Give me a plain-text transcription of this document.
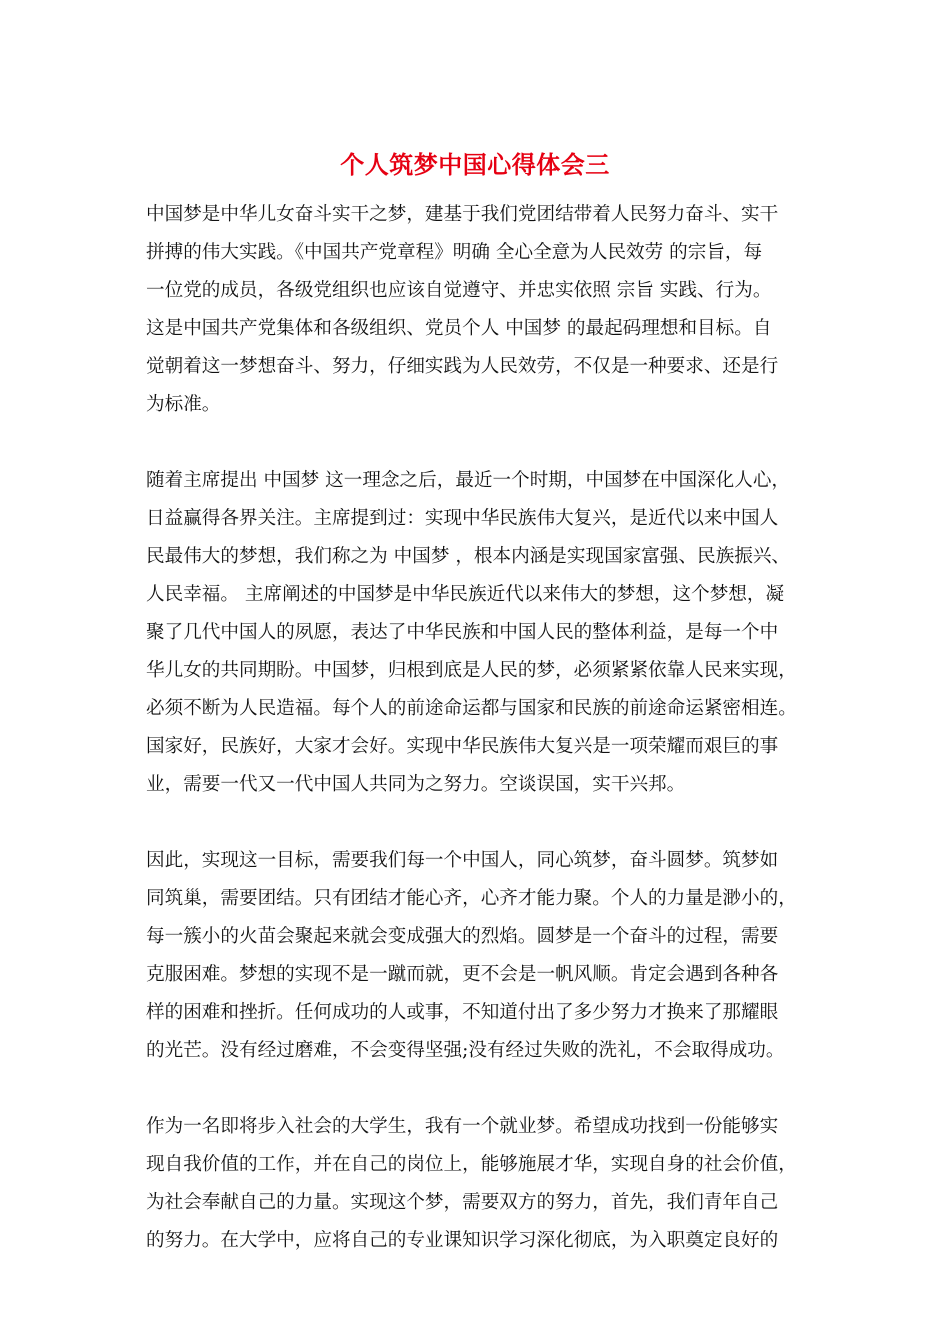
个人筑梦中国心得体会三
中国梦是中华儿女奋斗实干之梦，建基于我们党团结带着人民努力奋斗、实干
拼搏的伟大实践。《中国共产党章程》明确 全心全意为人民效劳 的宗旨，每
一位党的成员，各级党组织也应该自觉遵守、并忠实依照 宗旨 实践、行为。
这是中国共产党集体和各级组织、党员个人 中国梦 的最起码理想和目标。自
觉朝着这一梦想奋斗、努力，仔细实践为人民效劳，不仅是一种要求、还是行
为标准。
随着主席提出 中国梦 这一理念之后，最近一个时期，中国梦在中国深化人心，
日益赢得各界关注。主席提到过：实现中华民族伟大复兴，是近代以来中国人
民最伟大的梦想，我们称之为 中国梦 ，根本内涵是实现国家富强、民族振兴、
人民幸福。 主席阐述的中国梦是中华民族近代以来伟大的梦想，这个梦想，凝
聚了几代中国人的夙愿，表达了中华民族和中国人民的整体利益，是每一个中
华儿女的共同期盼。中国梦，归根到底是人民的梦，必须紧紧依靠人民来实现，
必须不断为人民造福。每个人的前途命运都与国家和民族的前途命运紧密相连。
国家好，民族好，大家才会好。实现中华民族伟大复兴是一项荣耀而艰巨的事
业，需要一代又一代中国人共同为之努力。空谈误国，实干兴邦。
因此，实现这一目标，需要我们每一个中国人，同心筑梦，奋斗圆梦。筑梦如
同筑巢，需要团结。只有团结才能心齐，心齐才能力聚。个人的力量是渺小的，
每一簇小的火苗会聚起来就会变成强大的烈焰。圆梦是一个奋斗的过程，需要
克服困难。梦想的实现不是一蹴而就，更不会是一帆风顺。肯定会遇到各种各
样的困难和挫折。任何成功的人或事，不知道付出了多少努力才换来了那耀眼
的光芒。没有经过磨难，不会变得坚强;没有经过失败的洗礼，不会取得成功。
作为一名即将步入社会的大学生，我有一个就业梦。希望成功找到一份能够实
现自我价值的工作，并在自己的岗位上，能够施展才华，实现自身的社会价值，
为社会奉献自己的力量。实现这个梦，需要双方的努力，首先，我们青年自己
的努力。在大学中，应将自己的专业课知识学习深化彻底，为入职奠定良好的
